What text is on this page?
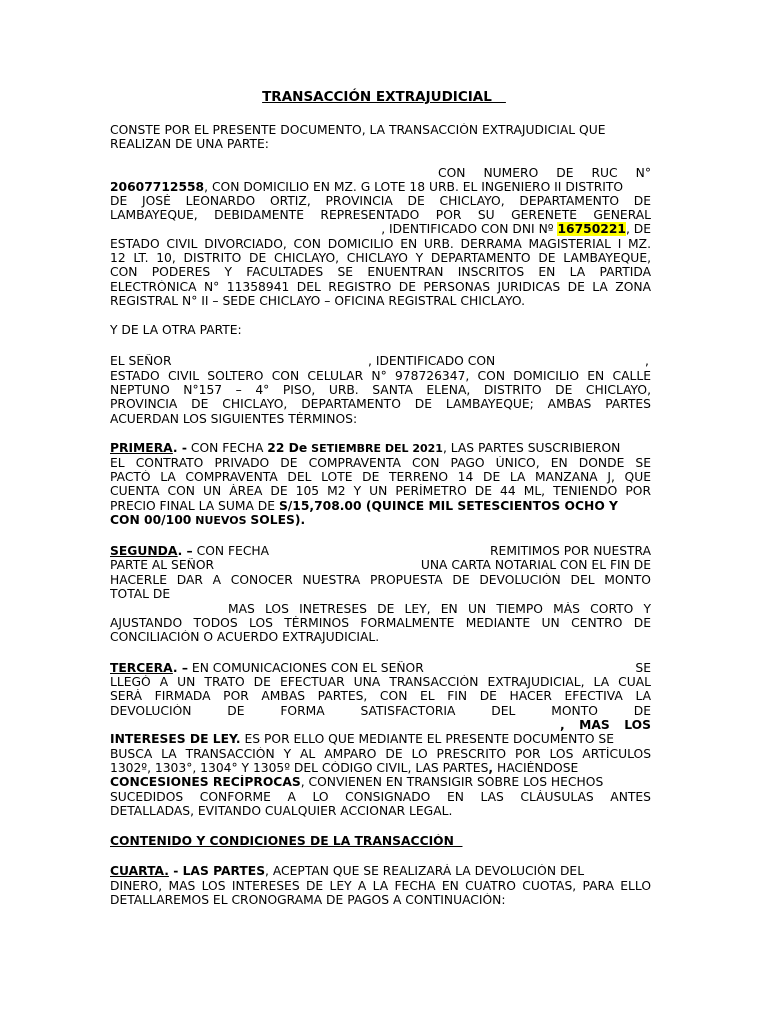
TRANSACCIÓN EXTRAJUDICIAL
CONSTE POR EL PRESENTE DOCUMENTO, LA TRANSACCIÓN EXTRAJUDICIAL QUE
REALIZAN DE UNA PARTE:
CON NUMERO DE RUC N°
20607712558, CON DOMICILIO EN MZ. G LOTE 18 URB. EL INGENIERO II DISTRITO
DE JOSÉ LEONARDO ORTIZ, PROVINCIA DE CHICLAYO, DEPARTAMENTO DE
LAMBAYEQUE, DEBIDAMENTE REPRESENTADO POR SU GERENETE GENERAL
, IDENTIFICADO CON DNI Nº 16750221, DE
ESTADO CIVIL DIVORCIADO, CON DOMICILIO EN URB. DERRAMA MAGISTERIAL I MZ.
12 LT. 10, DISTRITO DE CHICLAYO, CHICLAYO Y DEPARTAMENTO DE LAMBAYEQUE,
CON PODERES Y FACULTADES SE ENUENTRAN INSCRITOS EN LA PARTIDA
ELECTRÓNICA N° 11358941 DEL REGISTRO DE PERSONAS JURIDICAS DE LA ZONA
REGISTRAL N° II – SEDE CHICLAYO – OFICINA REGISTRAL CHICLAYO.
Y DE LA OTRA PARTE:
EL SEÑOR	, IDENTIFICADO CON	,
ESTADO CIVIL SOLTERO CON CELULAR N° 978726347, CON DOMICILIO EN CALLE
NEPTUNO N°157 – 4° PISO, URB. SANTA ELENA, DISTRITO DE CHICLAYO,
PROVINCIA DE CHICLAYO, DEPARTAMENTO DE LAMBAYEQUE; AMBAS PARTES
ACUERDAN LOS SIGUIENTES TÉRMINOS:
PRIMERA. - CON FECHA 22 De SETIEMBRE DEL 2021, LAS PARTES SUSCRIBIERON
EL CONTRATO PRIVADO DE COMPRAVENTA CON PAGO ÚNICO, EN DONDE SE
PACTÓ LA COMPRAVENTA DEL LOTE DE TERRENO 14 DE LA MANZANA J, QUE
CUENTA CON UN ÁREA DE 105 M2 Y UN PERÍMETRO DE 44 ML, TENIENDO POR
PRECIO FINAL LA SUMA DE S/15,708.00 (QUINCE MIL SETESCIENTOS OCHO Y
CON 00/100 NUEVOS SOLES).
SEGUNDA. – CON FECHA	REMITIMOS POR NUESTRA
PARTE AL SEÑOR	UNA CARTA NOTARIAL CON EL FIN DE
HACERLE DAR A CONOCER NUESTRA PROPUESTA DE DEVOLUCIÓN DEL MONTO
TOTAL DE
MAS LOS INETRESES DE LEY, EN UN TIEMPO MÁS CORTO Y
AJUSTANDO TODOS LOS TÉRMINOS FORMALMENTE MEDIANTE UN CENTRO DE
CONCILIACIÓN O ACUERDO EXTRAJUDICIAL.
TERCERA. – EN COMUNICACIONES CON EL SEÑOR	SE
LLEGÓ A UN TRATO DE EFECTUAR UNA TRANSACCIÓN EXTRAJUDICIAL, LA CUAL
SERÁ FIRMADA POR AMBAS PARTES, CON EL FIN DE HACER EFECTIVA LA
DEVOLUCIÓN DE FORMA SATISFACTORIA DEL MONTO DE
, MAS LOS
INTERESES DE LEY. ES POR ELLO QUE MEDIANTE EL PRESENTE DOCUMENTO SE
BUSCA LA TRANSACCIÓN Y AL AMPARO DE LO PRESCRITO POR LOS ARTÍCULOS
1302º, 1303°, 1304° Y 1305º DEL CÓDIGO CIVIL, LAS PARTES, HACIÉNDOSE
CONCESIONES RECÍPROCAS, CONVIENEN EN TRANSIGIR SOBRE LOS HECHOS
SUCEDIDOS CONFORME A LO CONSIGNADO EN LAS CLÁUSULAS ANTES
DETALLADAS, EVITANDO CUALQUIER ACCIONAR LEGAL.
CONTENIDO Y CONDICIONES DE LA TRANSACCIÓN
CUARTA. - LAS PARTES, ACEPTAN QUE SE REALIZARÁ LA DEVOLUCIÓN DEL
DINERO, MAS LOS INTERESES DE LEY A LA FECHA EN CUATRO CUOTAS, PARA ELLO
DETALLAREMOS EL CRONOGRAMA DE PAGOS A CONTINUACIÓN:
